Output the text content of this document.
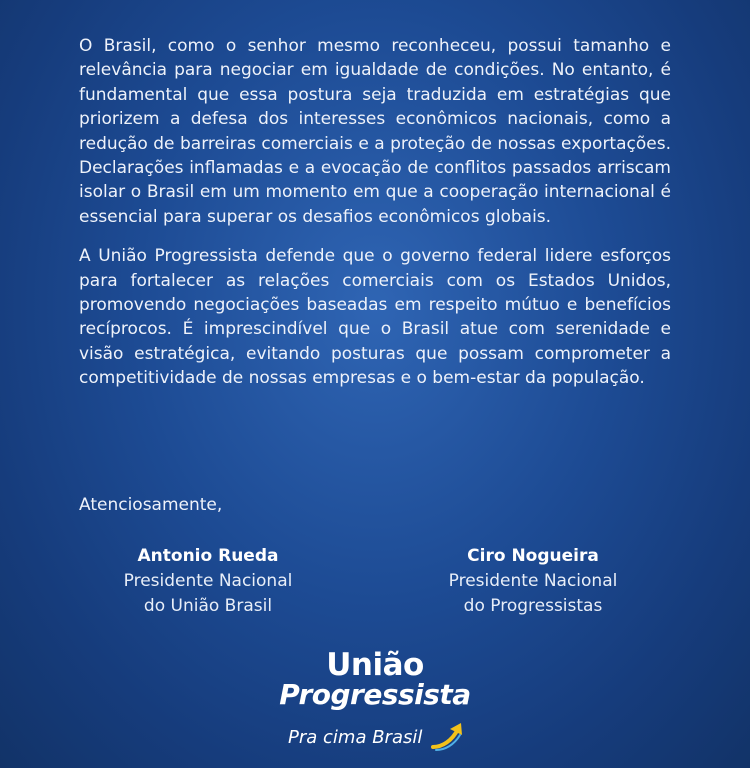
O Brasil, como o senhor mesmo reconheceu, possui tamanho e relevância para negociar em igualdade de condições. No entanto, é fundamental que essa postura seja traduzida em estratégias que priorizem a defesa dos interesses econômicos nacionais, como a redução de barreiras comerciais e a proteção de nossas exportações. Declarações inflamadas e a evocação de conflitos passados arriscam isolar o Brasil em um momento em que a cooperação internacional é essencial para superar os desafios econômicos globais.

A União Progressista defende que o governo federal lidere esforços para fortalecer as relações comerciais com os Estados Unidos, promovendo negociações baseadas em respeito mútuo e benefícios recíprocos. É imprescindível que o Brasil atue com serenidade e visão estratégica, evitando posturas que possam comprometer a competitividade de nossas empresas e o bem-estar da população.

Atenciosamente,

Antonio Rueda
Presidente Nacional
do União Brasil
Ciro Nogueira
Presidente Nacional
do Progressistas
União
Progressista
Pra cima Brasil
